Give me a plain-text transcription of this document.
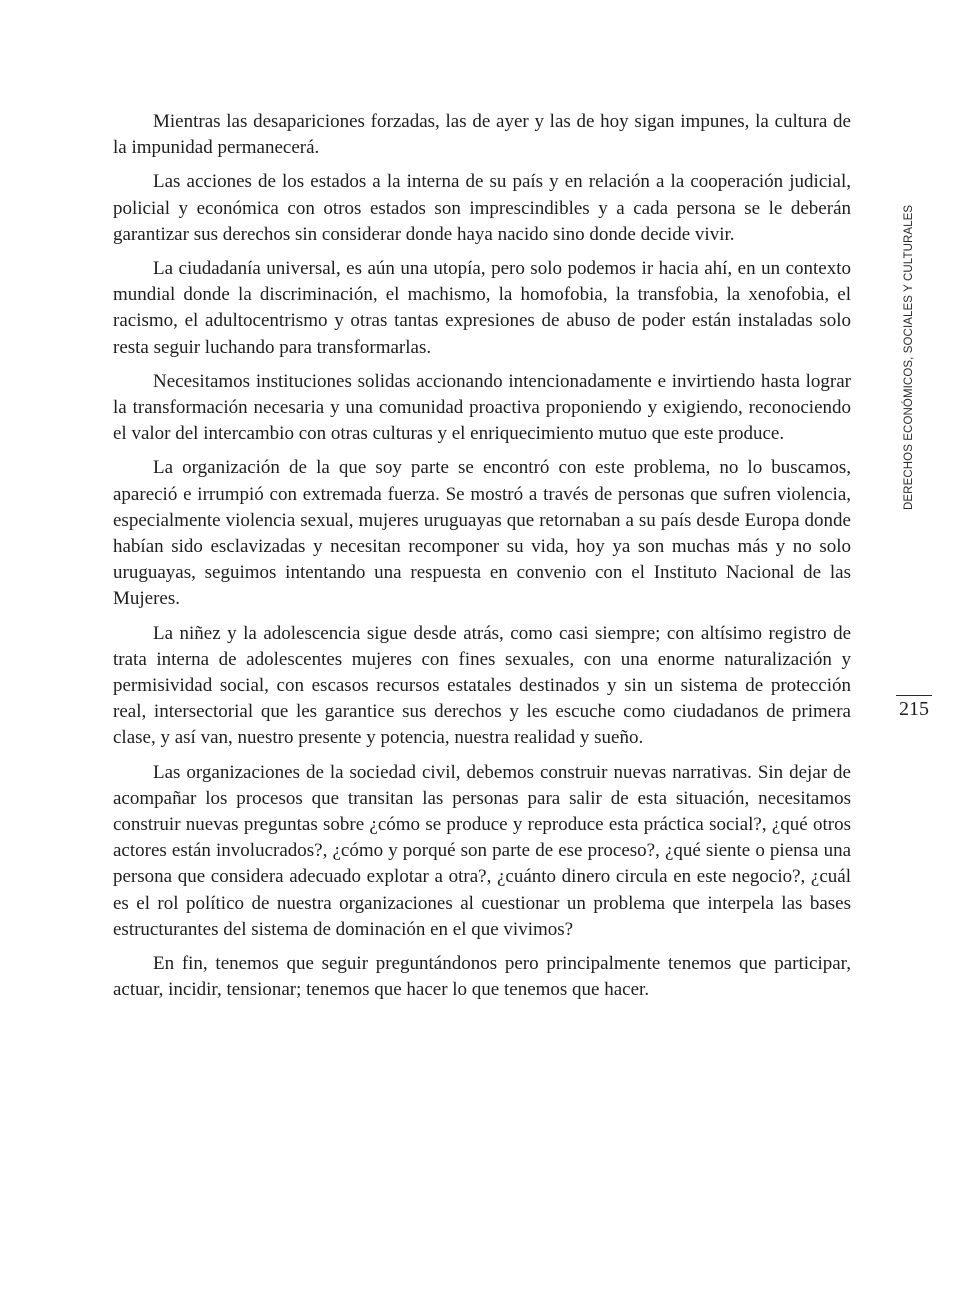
Mientras las desapariciones forzadas, las de ayer y las de hoy sigan impunes, la cultura de la impunidad permanecerá.

Las acciones de los estados a la interna de su país y en relación a la cooperación judicial, policial y económica con otros estados son imprescindibles y a cada persona se le deberán garantizar sus derechos sin considerar donde haya nacido sino donde decide vivir.

La ciudadanía universal, es aún una utopía, pero solo podemos ir hacia ahí, en un contexto mundial donde la discriminación, el machismo, la homofobia, la transfobia, la xenofobia, el racismo, el adultocentrismo y otras tantas expresiones de abuso de poder están instaladas solo resta seguir luchando para transformarlas.

Necesitamos instituciones solidas accionando intencionadamente e invirtiendo hasta lograr la transformación necesaria y una comunidad proactiva proponiendo y exigiendo, reconociendo el valor del intercambio con otras culturas y el enriquecimiento mutuo que este produce.

La organización de la que soy parte se encontró con este problema, no lo buscamos, apareció e irrumpió con extremada fuerza. Se mostró a través de personas que sufren violencia, especialmente violencia sexual, mujeres uruguayas que retornaban a su país desde Europa donde habían sido esclavizadas y necesitan recomponer su vida, hoy ya son muchas más y no solo uruguayas, seguimos intentando una respuesta en convenio con el Instituto Nacional de las Mujeres.

La niñez y la adolescencia sigue desde atrás, como casi siempre; con altísimo registro de trata interna de adolescentes mujeres con fines sexuales, con una enorme naturalización y permisividad social, con escasos recursos estatales destinados y sin un sistema de protección real, intersectorial que les garantice sus derechos y les escuche como ciudadanos de primera clase, y así van, nuestro presente y potencia, nuestra realidad y sueño.

Las organizaciones de la sociedad civil, debemos construir nuevas narrativas. Sin dejar de acompañar los procesos que transitan las personas para salir de esta situación, necesitamos construir nuevas preguntas sobre ¿cómo se produce y reproduce esta práctica social?, ¿qué otros actores están involucrados?, ¿cómo y porqué son parte de ese proceso?, ¿qué siente o piensa una persona que considera adecuado explotar a otra?, ¿cuánto dinero circula en este negocio?, ¿cuál es el rol político de nuestra organizaciones al cuestionar un problema que interpela las bases estructurantes del sistema de dominación en el que vivimos?

En fin, tenemos que seguir preguntándonos pero principalmente tenemos que participar, actuar, incidir, tensionar; tenemos que hacer lo que tenemos que hacer.

DERECHOS ECONÓMICOS, SOCIALES Y CULTURALES
215
